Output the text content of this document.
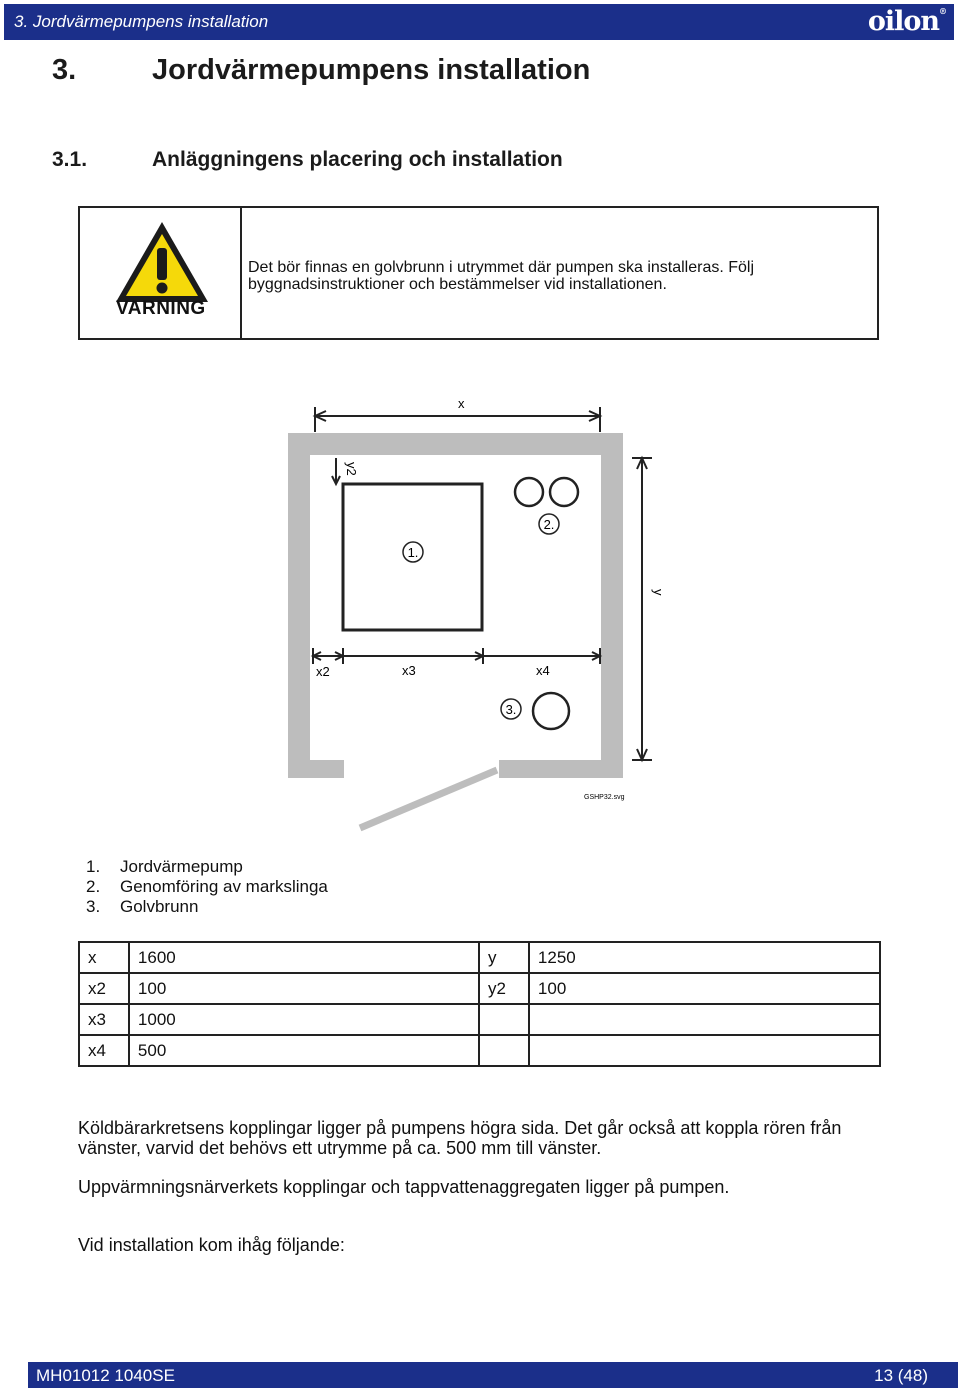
3. Jordvärmepumpens installation	oilon®
3.	Jordvärmepumpens installation
3.1.	Anläggningens placering och installation
VARNING
Det bör finnas en golvbrunn i utrymmet där pumpen ska installeras. Följ byggnadsinstruktioner och bestämmelser vid installationen.
x
y
y2
1.
2.
3.
x2	x3	x4
GSHP32.svg
1. Jordvärmepump
2. Genomföring av markslinga
3. Golvbrunn
x	1600	y	1250
x2	100	y2	100
x3	1000		
x4	500		
Köldbärarkretsens kopplingar ligger på pumpens högra sida. Det går också att koppla rören från vänster, varvid det behövs ett utrymme på ca. 500 mm till vänster.
Uppvärmningsnärverkets kopplingar och tappvattenaggregaten ligger på pumpen.
Vid installation kom ihåg följande:
MH01012 1040SE	13 (48)
